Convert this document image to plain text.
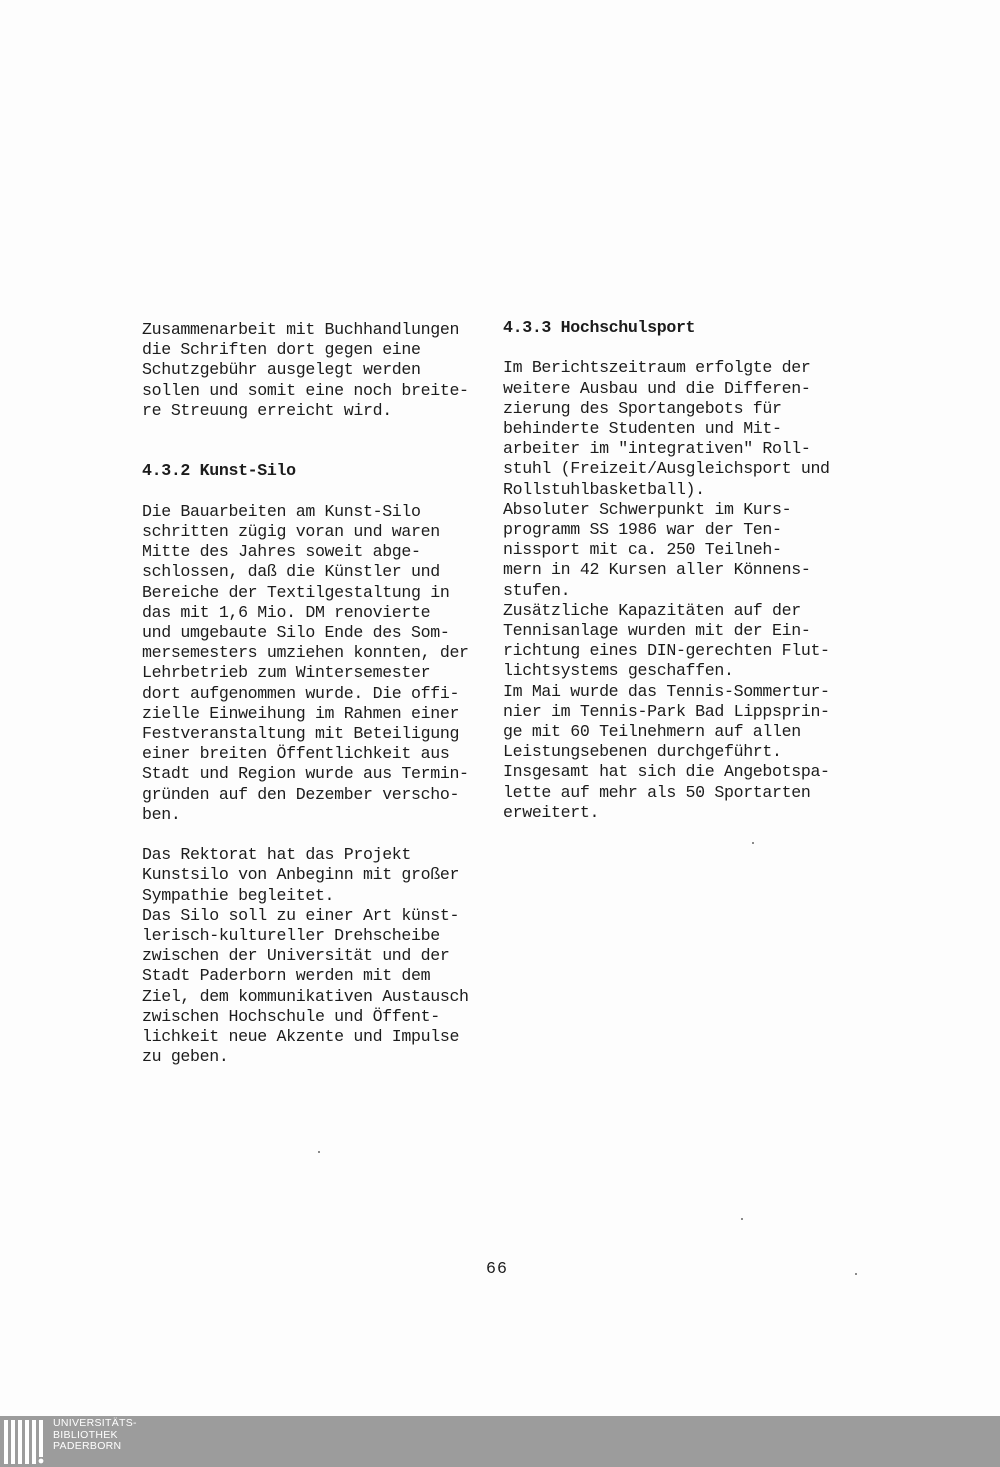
Zusammenarbeit mit Buchhandlungen
die Schriften dort gegen eine
Schutzgebühr ausgelegt werden
sollen und somit eine noch breite-
re Streuung erreicht wird.
4.3.2 Kunst-Silo
Die Bauarbeiten am Kunst-Silo
schritten zügig voran und waren
Mitte des Jahres soweit abge-
schlossen, daß die Künstler und
Bereiche der Textilgestaltung in
das mit 1,6 Mio. DM renovierte
und umgebaute Silo Ende des Som-
mersemesters umziehen konnten, der
Lehrbetrieb zum Wintersemester
dort aufgenommen wurde. Die offi-
zielle Einweihung im Rahmen einer
Festveranstaltung mit Beteiligung
einer breiten Öffentlichkeit aus
Stadt und Region wurde aus Termin-
gründen auf den Dezember verscho-
ben.
Das Rektorat hat das Projekt
Kunstsilo von Anbeginn mit großer
Sympathie begleitet.
Das Silo soll zu einer Art künst-
lerisch-kultureller Drehscheibe
zwischen der Universität und der
Stadt Paderborn werden mit dem
Ziel, dem kommunikativen Austausch
zwischen Hochschule und Öffent-
lichkeit neue Akzente und Impulse
zu geben.
4.3.3 Hochschulsport
Im Berichtszeitraum erfolgte der
weitere Ausbau und die Differen-
zierung des Sportangebots für
behinderte Studenten und Mit-
arbeiter im "integrativen" Roll-
stuhl (Freizeit/Ausgleichsport und
Rollstuhlbasketball).
Absoluter Schwerpunkt im Kurs-
programm SS 1986 war der Ten-
nissport mit ca. 250 Teilneh-
mern in 42 Kursen aller Könnens-
stufen.
Zusätzliche Kapazitäten auf der
Tennisanlage wurden mit der Ein-
richtung eines DIN-gerechten Flut-
lichtsystems geschaffen.
Im Mai wurde das Tennis-Sommertur-
nier im Tennis-Park Bad Lippsprin-
ge mit 60 Teilnehmern auf allen
Leistungsebenen durchgeführt.
Insgesamt hat sich die Angebotspa-
lette auf mehr als 50 Sportarten
erweitert.
66
UNIVERSITÄTS-
BIBLIOTHEK
PADERBORN
